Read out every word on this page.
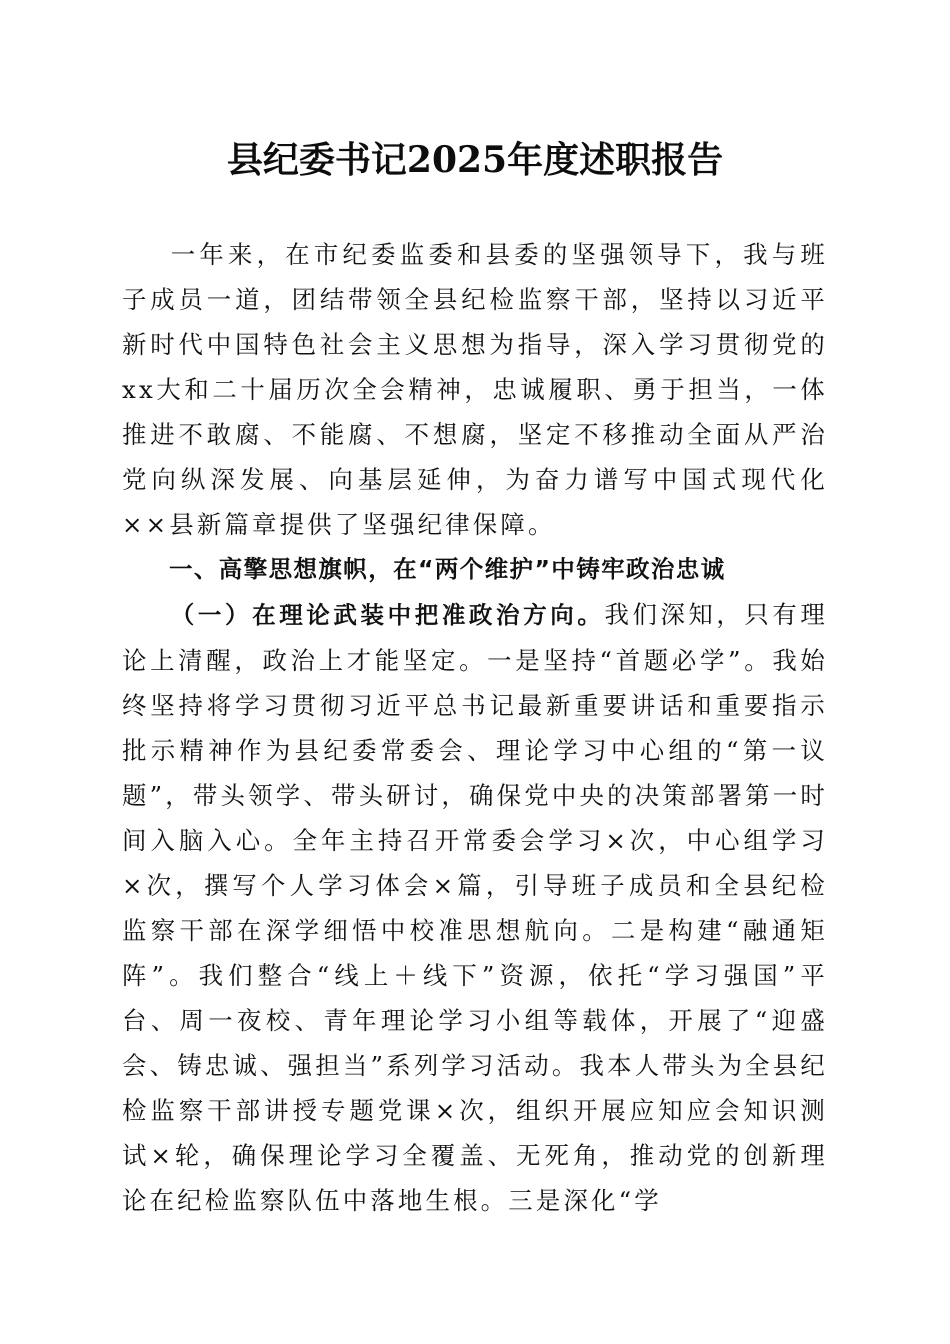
县纪委书记2025年度述职报告

一年来，在市纪委监委和县委的坚强领导下，我与班子成员一道，团结带领全县纪检监察干部，坚持以习近平新时代中国特色社会主义思想为指导，深入学习贯彻党的xx大和二十届历次全会精神，忠诚履职、勇于担当，一体推进不敢腐、不能腐、不想腐，坚定不移推动全面从严治党向纵深发展、向基层延伸，为奋力谱写中国式现代化××县新篇章提供了坚强纪律保障。

一、高擎思想旗帜，在“两个维护”中铸牢政治忠诚

（一）在理论武装中把准政治方向。我们深知，只有理论上清醒，政治上才能坚定。一是坚持“首题必学”。我始终坚持将学习贯彻习近平总书记最新重要讲话和重要指示批示精神作为县纪委常委会、理论学习中心组的“第一议题”，带头领学、带头研讨，确保党中央的决策部署第一时间入脑入心。全年主持召开常委会学习×次，中心组学习×次，撰写个人学习体会×篇，引导班子成员和全县纪检监察干部在深学细悟中校准思想航向。二是构建“融通矩阵”。我们整合“线上＋线下”资源，依托“学习强国”平台、周一夜校、青年理论学习小组等载体，开展了“迎盛会、铸忠诚、强担当”系列学习活动。我本人带头为全县纪检监察干部讲授专题党课×次，组织开展应知应会知识测试×轮，确保理论学习全覆盖、无死角，推动党的创新理论在纪检监察队伍中落地生根。三是深化“学
